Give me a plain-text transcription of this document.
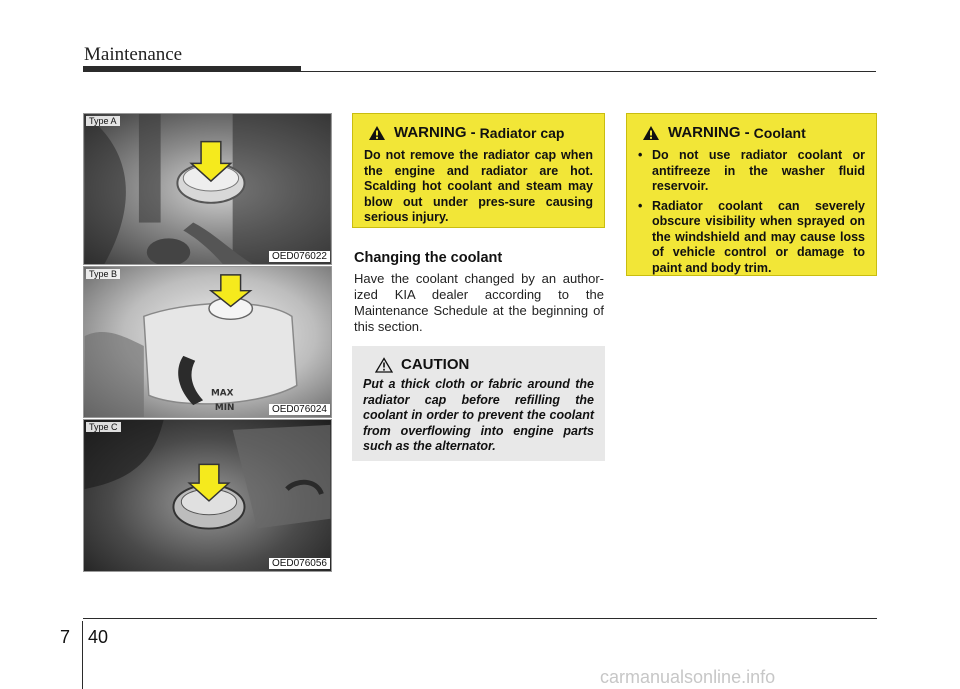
Maintenance
Type A
OED076022
MAX
MIN
Type B
OED076024
Type C
OED076056
WARNING - Radiator cap

Do not remove the radiator cap when the engine and radiator are hot. Scalding hot coolant and steam may blow out under pres-sure causing serious injury.

WARNING - Coolant
• Do not use radiator coolant or antifreeze in the washer fluid reservoir.
• Radiator coolant can severely obscure visibility when sprayed on the windshield and may cause loss of vehicle control or damage to paint and body trim.
Changing the coolant

Have the coolant changed by an author-ized KIA dealer according to the Maintenance Schedule at the beginning of this section.

CAUTION

Put a thick cloth or fabric around the radiator cap before refilling the coolant in order to prevent the coolant from overflowing into engine parts such as the alternator.

7 40
carmanualsonline.info
